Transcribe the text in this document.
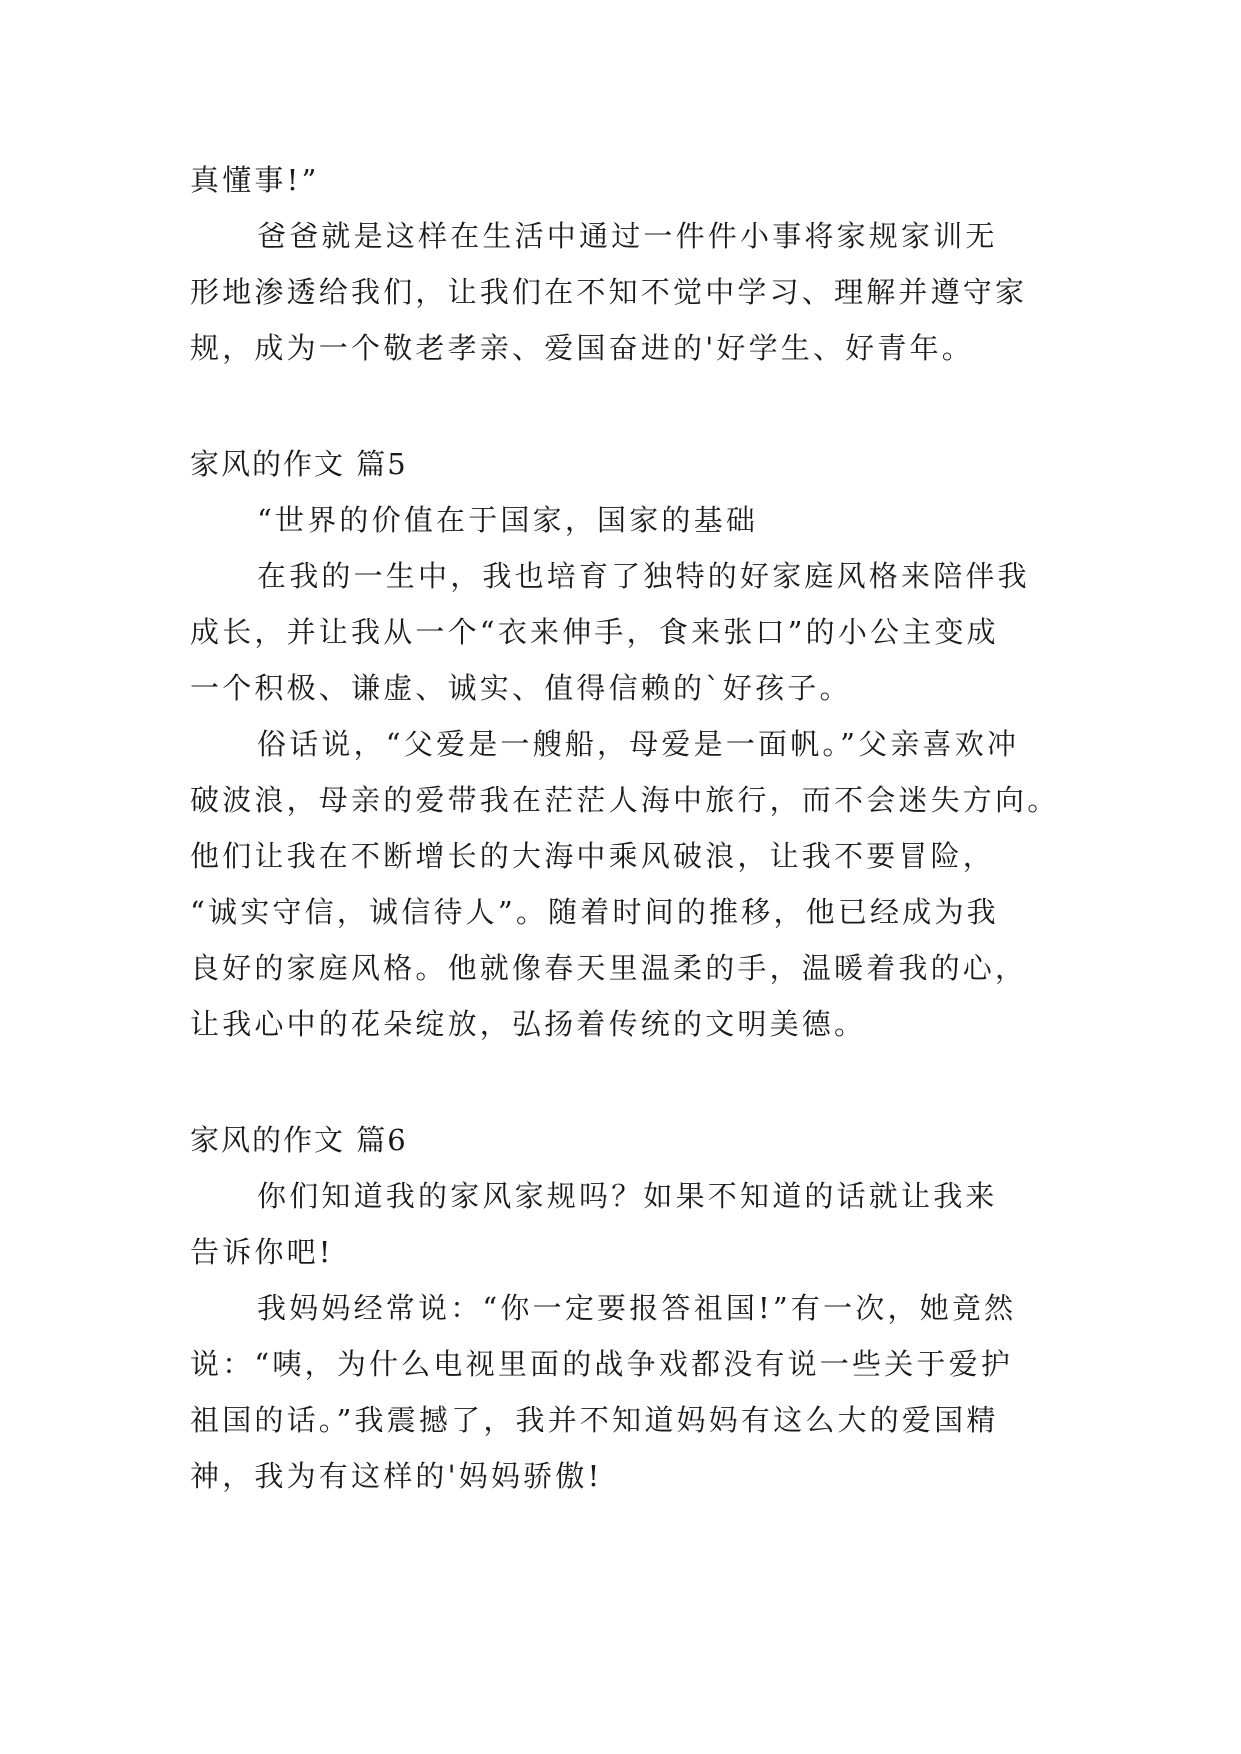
真懂事!”
爸爸就是这样在生活中通过一件件小事将家规家训无
形地渗透给我们，让我们在不知不觉中学习、理解并遵守家
规，成为一个敬老孝亲、爱国奋进的'好学生、好青年。
家风的作文 篇5
“世界的价值在于国家，国家的基础
在我的一生中，我也培育了独特的好家庭风格来陪伴我
成长，并让我从一个“衣来伸手，食来张口”的小公主变成
一个积极、谦虚、诚实、值得信赖的`好孩子。
俗话说，“父爱是一艘船，母爱是一面帆。”父亲喜欢冲
破波浪，母亲的爱带我在茫茫人海中旅行，而不会迷失方向。
他们让我在不断增长的大海中乘风破浪，让我不要冒险，
“诚实守信，诚信待人”。随着时间的推移，他已经成为我
良好的家庭风格。他就像春天里温柔的手，温暖着我的心，
让我心中的花朵绽放，弘扬着传统的文明美德。
家风的作文 篇6
你们知道我的家风家规吗？如果不知道的话就让我来
告诉你吧!
我妈妈经常说：“你一定要报答祖国!”有一次，她竟然
说：“咦，为什么电视里面的战争戏都没有说一些关于爱护
祖国的话。”我震撼了，我并不知道妈妈有这么大的爱国精
神，我为有这样的'妈妈骄傲!
